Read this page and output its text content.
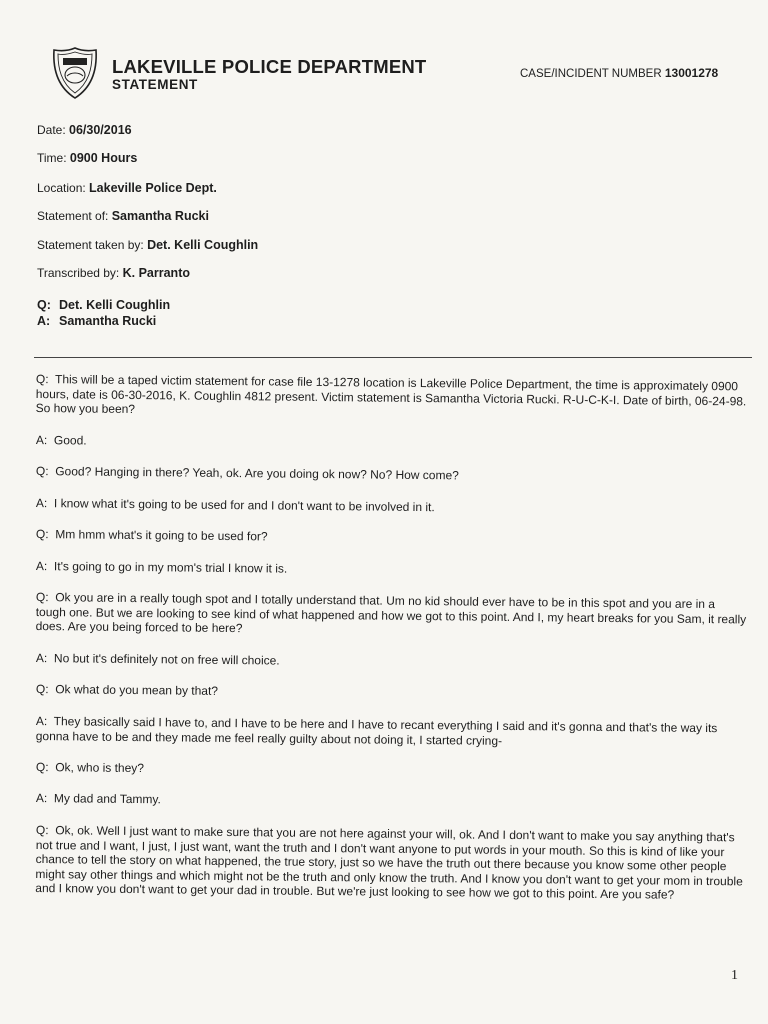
LAKEVILLE POLICE DEPARTMENT
STATEMENT
CASE/INCIDENT NUMBER 13001278
Date: 06/30/2016
Time: 0900 Hours
Location: Lakeville Police Dept.
Statement of: Samantha Rucki
Statement taken by: Det. Kelli Coughlin
Transcribed by: K. Parranto
Q: Det. Kelli Coughlin
A: Samantha Rucki

Q: This will be a taped victim statement for case file 13-1278 location is Lakeville Police Department, the time is approximately 0900 hours, date is 06-30-2016, K. Coughlin 4812 present. Victim statement is Samantha Victoria Rucki. R-U-C-K-I. Date of birth, 06-24-98. So how you been?

A: Good.

Q: Good? Hanging in there? Yeah, ok. Are you doing ok now? No? How come?

A: I know what it's going to be used for and I don't want to be involved in it.

Q: Mm hmm what's it going to be used for?

A: It's going to go in my mom's trial I know it is.

Q: Ok you are in a really tough spot and I totally understand that. Um no kid should ever have to be in this spot and you are in a tough one. But we are looking to see kind of what happened and how we got to this point. And I, my heart breaks for you Sam, it really does. Are you being forced to be here?

A: No but it's definitely not on free will choice.

Q: Ok what do you mean by that?

A: They basically said I have to, and I have to be here and I have to recant everything I said and it's gonna and that's the way its gonna have to be and they made me feel really guilty about not doing it, I started crying-

Q: Ok, who is they?

A: My dad and Tammy.

Q: Ok, ok. Well I just want to make sure that you are not here against your will, ok. And I don't want to make you say anything that's not true and I want, I just, I just want, want the truth and I don't want anyone to put words in your mouth. So this is kind of like your chance to tell the story on what happened, the true story, just so we have the truth out there because you know some other people might say other things and which might not be the truth and only know the truth. And I know you don't want to get your mom in trouble and I know you don't want to get your dad in trouble. But we're just looking to see how we got to this point. Are you safe?

1
